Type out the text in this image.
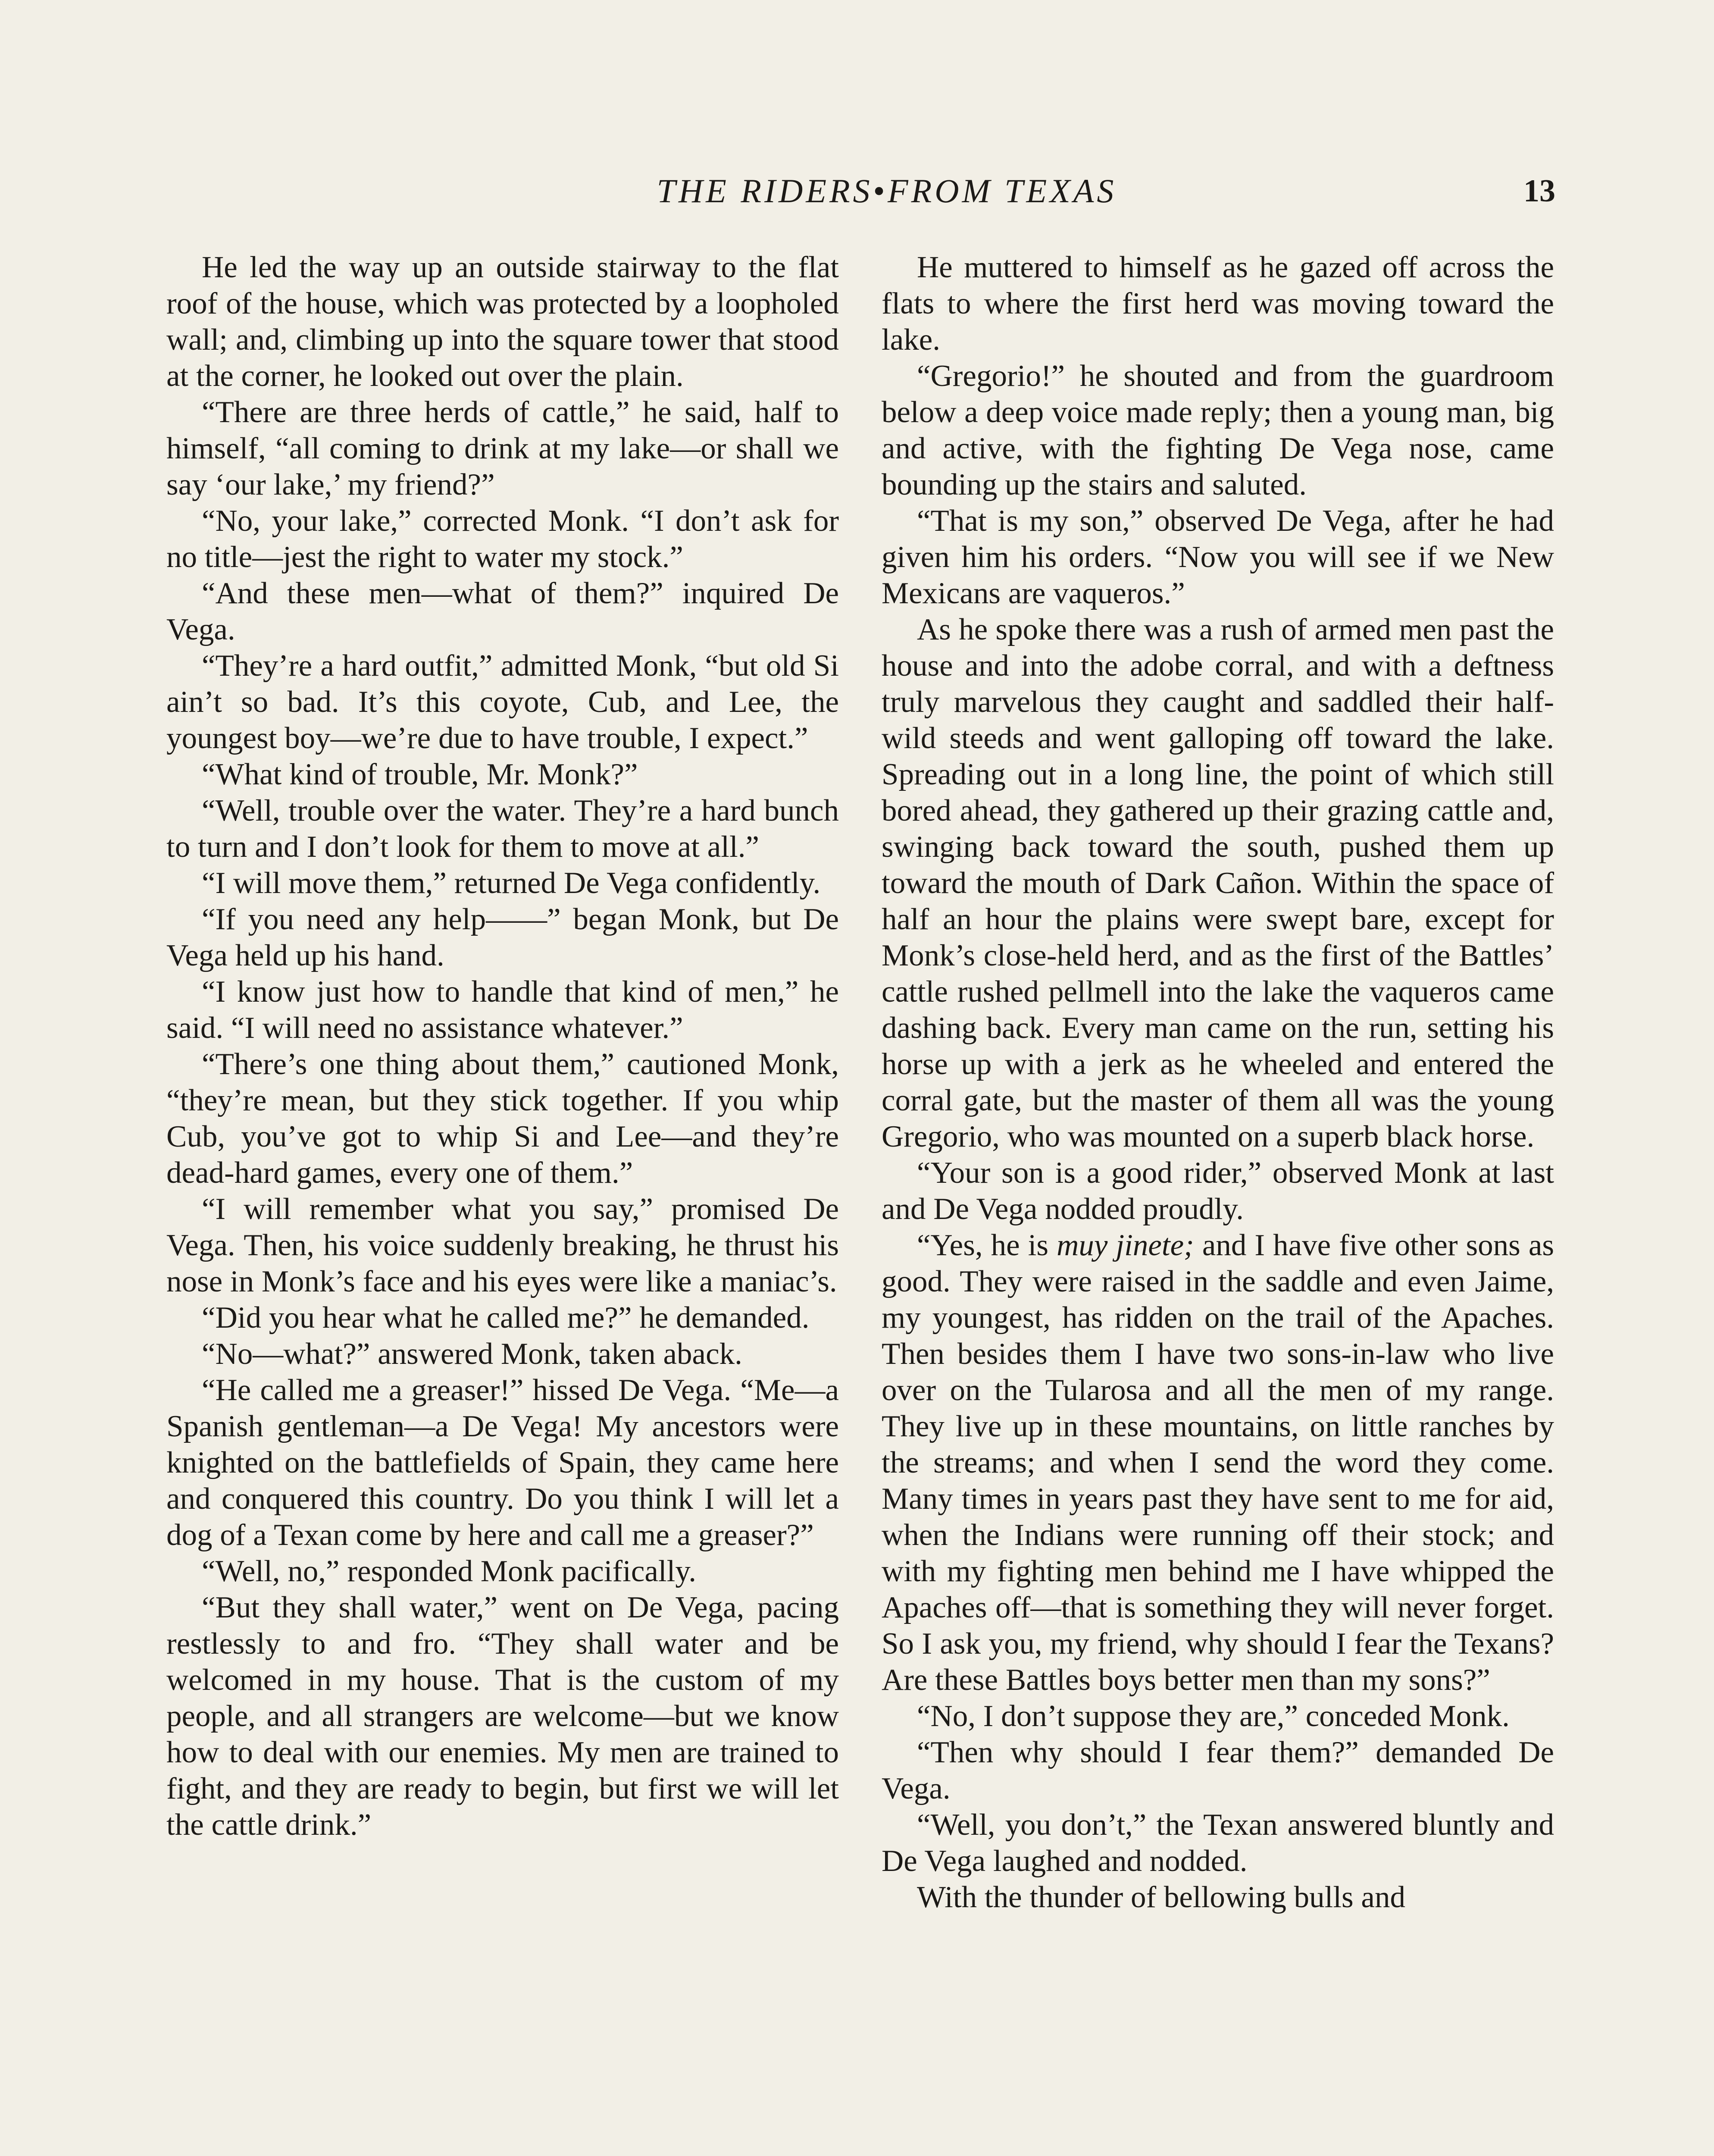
THE RIDERS•FROM TEXAS	13

He led the way up an outside stairway to the flat roof of the house, which was protected by a loopholed wall; and, climbing up into the square tower that stood at the corner, he looked out over the plain.

“There are three herds of cattle,” he said, half to himself, “all coming to drink at my lake—or shall we say ‘our lake,’ my friend?”

“No, your lake,” corrected Monk. “I don’t ask for no title—jest the right to water my stock.”

“And these men—what of them?” inquired De Vega.

“They’re a hard outfit,” admitted Monk, “but old Si ain’t so bad. It’s this coyote, Cub, and Lee, the youngest boy—we’re due to have trouble, I expect.”

“What kind of trouble, Mr. Monk?”

“Well, trouble over the water. They’re a hard bunch to turn and I don’t look for them to move at all.”

“I will move them,” returned De Vega confidently.

“If you need any help——” began Monk, but De Vega held up his hand.

“I know just how to handle that kind of men,” he said. “I will need no assistance whatever.”

“There’s one thing about them,” cautioned Monk, “they’re mean, but they stick together. If you whip Cub, you’ve got to whip Si and Lee—and they’re dead-hard games, every one of them.”

“I will remember what you say,” promised De Vega. Then, his voice suddenly breaking, he thrust his nose in Monk’s face and his eyes were like a maniac’s.

“Did you hear what he called me?” he demanded.

“No—what?” answered Monk, taken aback.

“He called me a greaser!” hissed De Vega. “Me—a Spanish gentleman—a De Vega! My ancestors were knighted on the battlefields of Spain, they came here and conquered this country. Do you think I will let a dog of a Texan come by here and call me a greaser?”

“Well, no,” responded Monk pacifically.

“But they shall water,” went on De Vega, pacing restlessly to and fro. “They shall water and be welcomed in my house. That is the custom of my people, and all strangers are welcome—but we know how to deal with our enemies. My men are trained to fight, and they are ready to begin, but first we will let the cattle drink.”

He muttered to himself as he gazed off across the flats to where the first herd was moving toward the lake.

“Gregorio!” he shouted and from the guardroom below a deep voice made reply; then a young man, big and active, with the fighting De Vega nose, came bounding up the stairs and saluted.

“That is my son,” observed De Vega, after he had given him his orders. “Now you will see if we New Mexicans are vaqueros.”

As he spoke there was a rush of armed men past the house and into the adobe corral, and with a deftness truly marvelous they caught and saddled their half-wild steeds and went galloping off toward the lake. Spreading out in a long line, the point of which still bored ahead, they gathered up their grazing cattle and, swinging back toward the south, pushed them up toward the mouth of Dark Cañon. Within the space of half an hour the plains were swept bare, except for Monk’s close-held herd, and as the first of the Battles’ cattle rushed pellmell into the lake the vaqueros came dashing back. Every man came on the run, setting his horse up with a jerk as he wheeled and entered the corral gate, but the master of them all was the young Gregorio, who was mounted on a superb black horse.

“Your son is a good rider,” observed Monk at last and De Vega nodded proudly.

“Yes, he is muy jinete; and I have five other sons as good. They were raised in the saddle and even Jaime, my youngest, has ridden on the trail of the Apaches. Then besides them I have two sons-in-law who live over on the Tularosa and all the men of my range. They live up in these mountains, on little ranches by the streams; and when I send the word they come. Many times in years past they have sent to me for aid, when the Indians were running off their stock; and with my fighting men behind me I have whipped the Apaches off—that is something they will never forget. So I ask you, my friend, why should I fear the Texans? Are these Battles boys better men than my sons?”

“No, I don’t suppose they are,” conceded Monk.

“Then why should I fear them?” demanded De Vega.

“Well, you don’t,” the Texan answered bluntly and De Vega laughed and nodded.

With the thunder of bellowing bulls and
